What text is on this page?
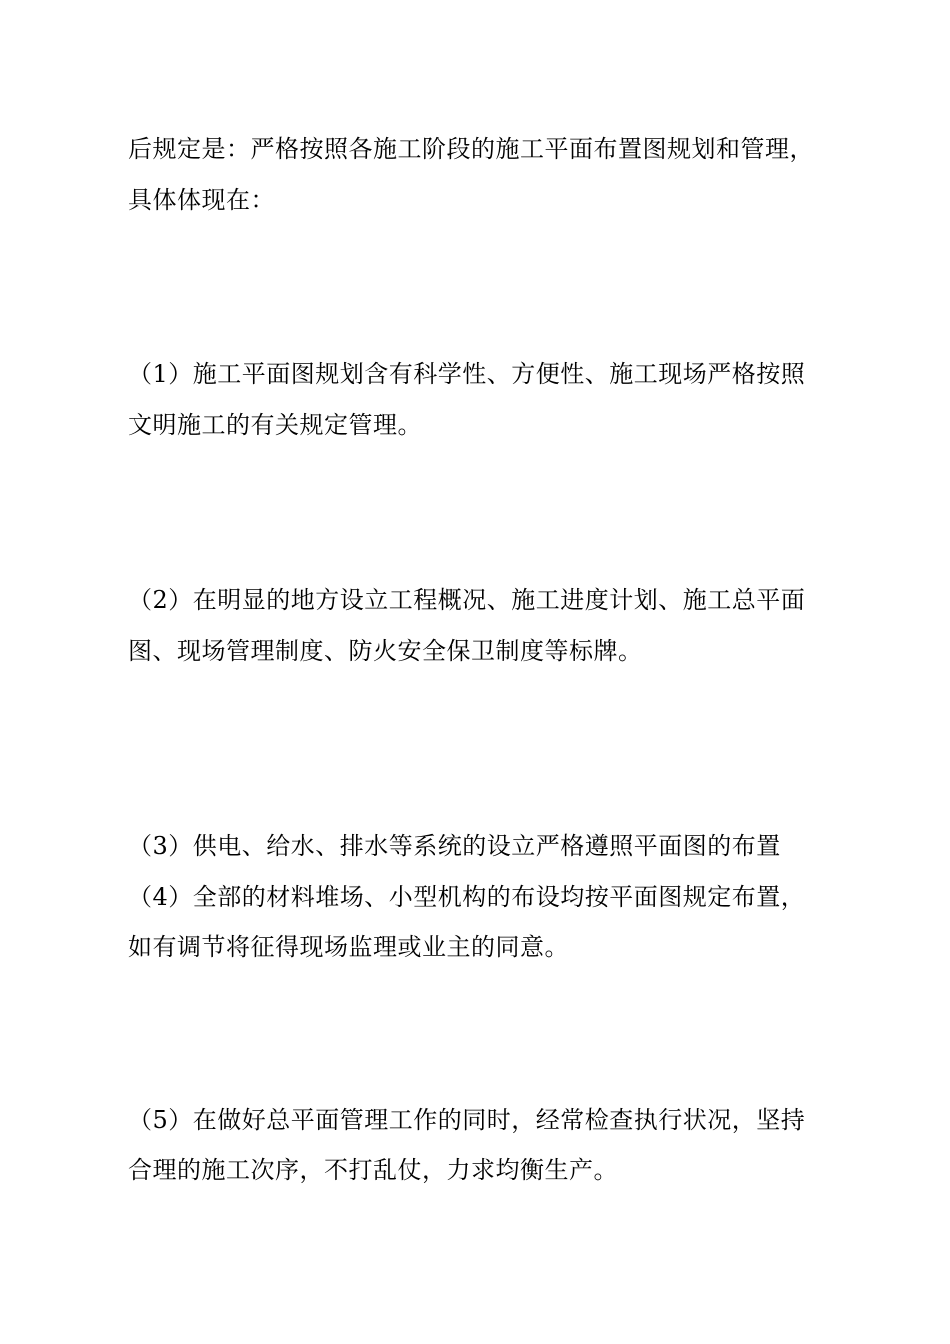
后规定是：严格按照各施工阶段的施工平面布置图规划和管理，
具体体现在：
（1）施工平面图规划含有科学性、方便性、施工现场严格按照
文明施工的有关规定管理。
（2）在明显的地方设立工程概况、施工进度计划、施工总平面
图、现场管理制度、防火安全保卫制度等标牌。
（3）供电、给水、排水等系统的设立严格遵照平面图的布置
（4）全部的材料堆场、小型机构的布设均按平面图规定布置，
如有调节将征得现场监理或业主的同意。
（5）在做好总平面管理工作的同时，经常检查执行状况，坚持
合理的施工次序，不打乱仗，力求均衡生产。
